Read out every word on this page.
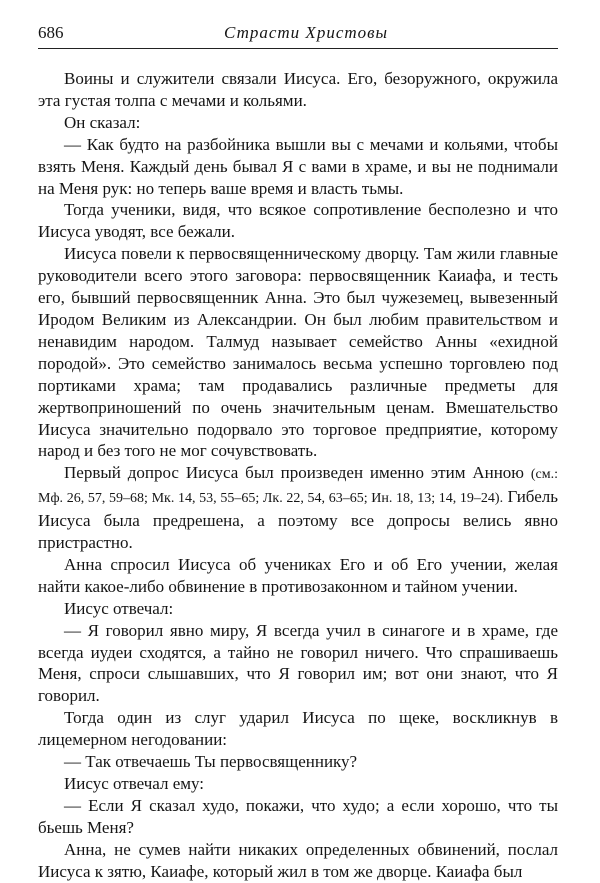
686	Страсти Христовы

Воины и служители связали Иисуса. Его, безоружного, окружила эта густая толпа с мечами и кольями.

Он сказал:

— Как будто на разбойника вышли вы с мечами и кольями, чтобы взять Меня. Каждый день бывал Я с вами в храме, и вы не поднимали на Меня рук: но теперь ваше время и власть тьмы.

Тогда ученики, видя, что всякое сопротивление бесполезно и что Иисуса уводят, все бежали.

Иисуса повели к первосвященническому дворцу. Там жили главные руководители всего этого заговора: первосвященник Каиафа, и тесть его, бывший первосвященник Анна. Это был чужеземец, вывезенный Иродом Великим из Александрии. Он был любим правительством и ненавидим народом. Талмуд называет семейство Анны «ехидной породой». Это семейство занималось весьма успешно торговлею под портиками храма; там продавались различные предметы для жертвоприношений по очень значительным ценам. Вмешательство Иисуса значительно подорвало это торговое предприятие, которому народ и без того не мог сочувствовать.

Первый допрос Иисуса был произведен именно этим Анною (см.: Мф. 26, 57, 59–68; Мк. 14, 53, 55–65; Лк. 22, 54, 63–65; Ин. 18, 13; 14, 19–24). Гибель Иисуса была предрешена, а поэтому все допросы велись явно пристрастно.

Анна спросил Иисуса об учениках Его и об Его учении, желая найти какое-либо обвинение в противозаконном и тайном учении.

Иисус отвечал:

— Я говорил явно миру, Я всегда учил в синагоге и в храме, где всегда иудеи сходятся, а тайно не говорил ничего. Что спрашиваешь Меня, спроси слышавших, что Я говорил им; вот они знают, что Я говорил.

Тогда один из слуг ударил Иисуса по щеке, воскликнув в лицемерном негодовании:

— Так отвечаешь Ты первосвященнику?

Иисус отвечал ему:

— Если Я сказал худо, покажи, что худо; а если хорошо, что ты бьешь Меня?

Анна, не сумев найти никаких определенных обвинений, послал Иисуса к зятю, Каиафе, который жил в том же дворце. Каиафа был
